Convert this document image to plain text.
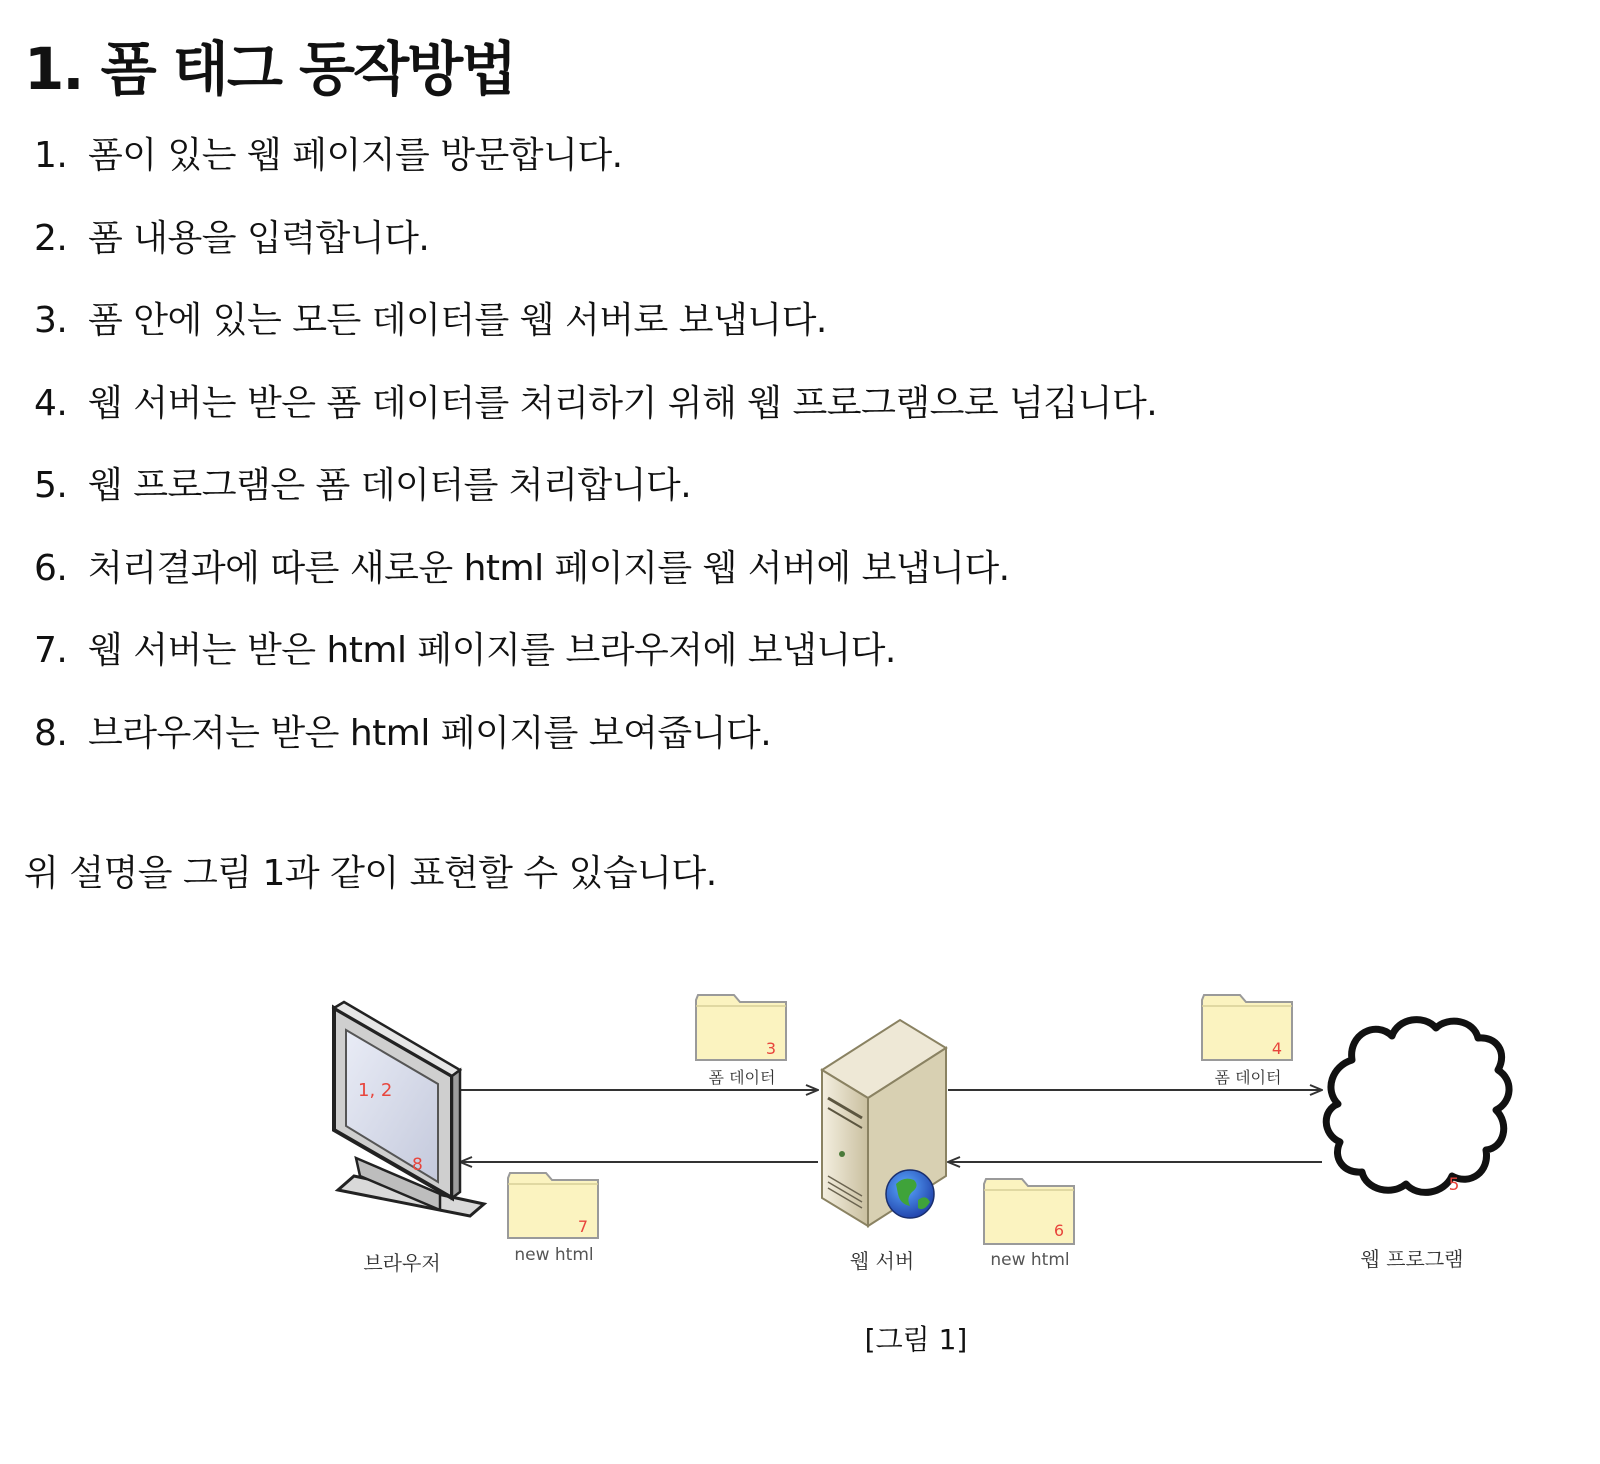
1. 폼 태그 동작방법
1. 폼이 있는 웹 페이지를 방문합니다.
2. 폼 내용을 입력합니다.
3. 폼 안에 있는 모든 데이터를 웹 서버로 보냅니다.
4. 웹 서버는 받은 폼 데이터를 처리하기 위해 웹 프로그램으로 넘깁니다.
5. 웹 프로그램은 폼 데이터를 처리합니다.
6. 처리결과에 따른 새로운 html 페이지를 웹 서버에 보냅니다.
7. 웹 서버는 받은 html 페이지를 브라우저에 보냅니다.
8. 브라우저는 받은 html 페이지를 보여줍니다.

위 설명을 그림 1과 같이 표현할 수 있습니다.

1, 2
8
브라우저
3
폼 데이터
4
폼 데이터
7
new html
6
new html
웹 서버
5
웹 프로그램
[그림 1]
